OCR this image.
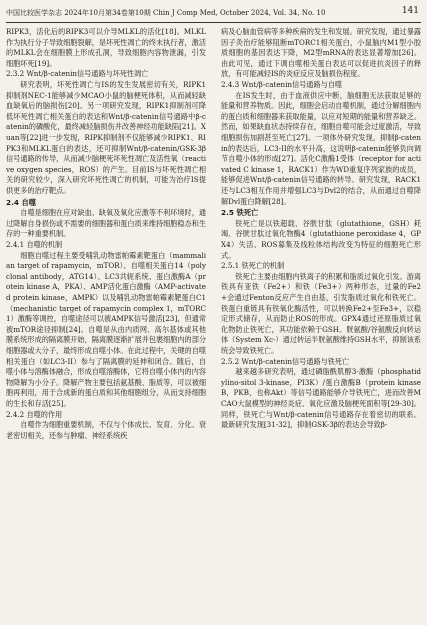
中国比较医学杂志 2024年10月第34卷第10期 Chin J Comp Med, October 2024, Vol. 34, No. 10	141

RIPK3，活化后的RIPK3可以介导MLKL的活化[18]。MLKL作为执行分子导致细胞裂解，是坏死性凋亡的终末执行者，激活的MLKL会在细胞膜上形成孔洞，导致细胞内容物泄漏，引发细胞坏死[19]。

2.3.2 Wnt/β-catenin信号通路与坏死性凋亡

研究表明，坏死性凋亡与IS的发生发展密切有关，RIPK1抑制剂NEC-1能够减少MCAO小鼠的脑梗死体积，从而减轻缺血缺氧后的脑损伤[20]。另一项研究发现，RIPK1抑制剂可降低坏死性凋亡相关蛋白的表达和Wnt/β-catenin信号通路中β-catenin的磷酸化，最终减轻脑损伤并改善神经功能缺陷[21]。Xuan等[22]进一步发现，RIPK抑制剂不仅能够减少RIPK1、RIPK3和MLKL蛋白的表达，还可抑制Wnt/β-catenin/GSK-3β信号通路的传导，从而减少脑梗死坏死性凋亡及活性氧（reactive oxygen species，ROS）的产生。目前IS与坏死性凋亡相关的研究较少，深入研究坏死性凋亡的机制，可能为治疗IS提供更多的治疗靶点。

2.4 自噬

自噬是细胞在应对缺血、缺氧及氧化应激等不利环境时，通过降解自身损伤或不需要的细胞器和蛋白质来维持细胞稳态和生存的一种重要机制。

2.4.1 自噬的机制

细胞自噬过程主要受哺乳动物雷帕霉素靶蛋白（mammalian target of rapamycin，mTOR）、自噬相关蛋白14（polyclonal antibody，ATG14）、LC3共轭系统、蛋白激酶A（protein kinase A，PKA）、AMP活化蛋白激酶（AMP-activated protein kinase，AMPK）以及哺乳动物雷帕霉素靶蛋白C1（mechanistic target of rapamycin complex 1，mTORC1）激酶等调控，自噬途径可以被AMPK信号激活[23]，但通常被mTOR途径抑制[24]。自噬是从由内质网、高尔基体或其他膜系统形成的隔离膜开始，隔离膜逐渐扩展并包裹细胞内的部分细胞器或大分子，最终形成自噬小体。在此过程中，关键的自噬相关蛋白（如LC3-II）参与了隔离膜的延伸和闭合。随后，自噬小体与溶酶体融合，形成自噬溶酶体，它将自噬小体内的内容物降解为小分子。降解产物主要包括氨基酸、脂质等，可以被细胞再利用，用于合成新的蛋白质和其他细胞组分，从而支持细胞的生长和存活[25]。

2.4.2 自噬的作用

自噬作为细胞重要机制，不仅与个体成长、发育、分化、衰老密切相关，还参与肿瘤、神经系统疾

病及心脑血管病等多种疾病的发生和发展。研究发现，通过暴露因子灸治疗能够阻断mTORC1相关蛋白，小鼠脑内M1型小胶质细胞的基因表达下降，M2型mRNA的表达显著增加[26]。由此可见，通过下调自噬相关蛋白表达可以促进抗炎因子的释放，有可能减轻IS的炎症反应及脑损伤程度。

2.4.3 Wnt/β-catenin信号通路与自噬

在IS发生时，由于血液供应中断，脑细胞无法获取足够的能量和营养物质。因此，细胞会启动自噬机制，通过分解细胞内的蛋白质和细胞器来获取能量，以应对短期的能量和营养缺乏。然而，如果缺血状态持续存在，细胞自噬可能会过度激活，导致细胞损伤加剧甚至死亡[27]。一项体外研究发现，抑制β-catenin的表达后，LC3-II的水平升高，这说明β-catenin能够负向调节自噬小体的形成[27]。活化C激酶1受体（receptor for activated C kinase 1，RACK1）作为WD重复序列家族的成员，能够促进Wnt/β-catenin信号通路的转导。研究发现，RACK1还与LC3相互作用并增强LC3与Dvl2的结合，从而通过自噬降解Dvl蛋白降解[28]。

2.5 铁死亡

铁死亡是以铁超载、谷胱甘肽（glutathione，GSH）耗竭、谷胱甘肽过氧化物酶4（glutathione peroxidase 4，GPX4）失活、ROS募集及线粒体结构改变为特征的细胞死亡形式。

2.5.1 铁死亡的机制

铁死亡主要由细胞内铁离子的积累和脂质过氧化引发。游离铁具有亚铁（Fe2+）和铁（Fe3+）两种形态，过量的Fe2+会通过Fenton反应产生自由基，引发脂质过氧化和铁死亡。铁蛋白重链具有铁氧化酶活性，可以转换Fe2+至Fe3+，以稳定形式储存，从而防止ROS的形成。GPX4通过还原脂质过氧化物防止铁死亡，其功能依赖于GSH。胱氨酸/谷氨酸反向转运体（System Xc-）通过转运半胱氨酸维持GSH水平，抑制该系统会导致铁死亡。

2.5.2 Wnt/β-catenin信号通路与铁死亡

越来越多研究表明，通过磷脂酰肌醇3-激酶（phosphatidylino-sitol 3-kinase，PI3K）/蛋白激酶B（protein kinase B，PKB，也称Akt）等信号通路能够介导铁死亡，进而改善MCAO大鼠模型的神经炎症、氧化应激及脑梗死面积等[29-30]。同样，铁死亡与Wnt/β-catenin信号通路存在着密切的联系。最新研究发现[31-32]，抑制GSK-3β的表达会导致β-
